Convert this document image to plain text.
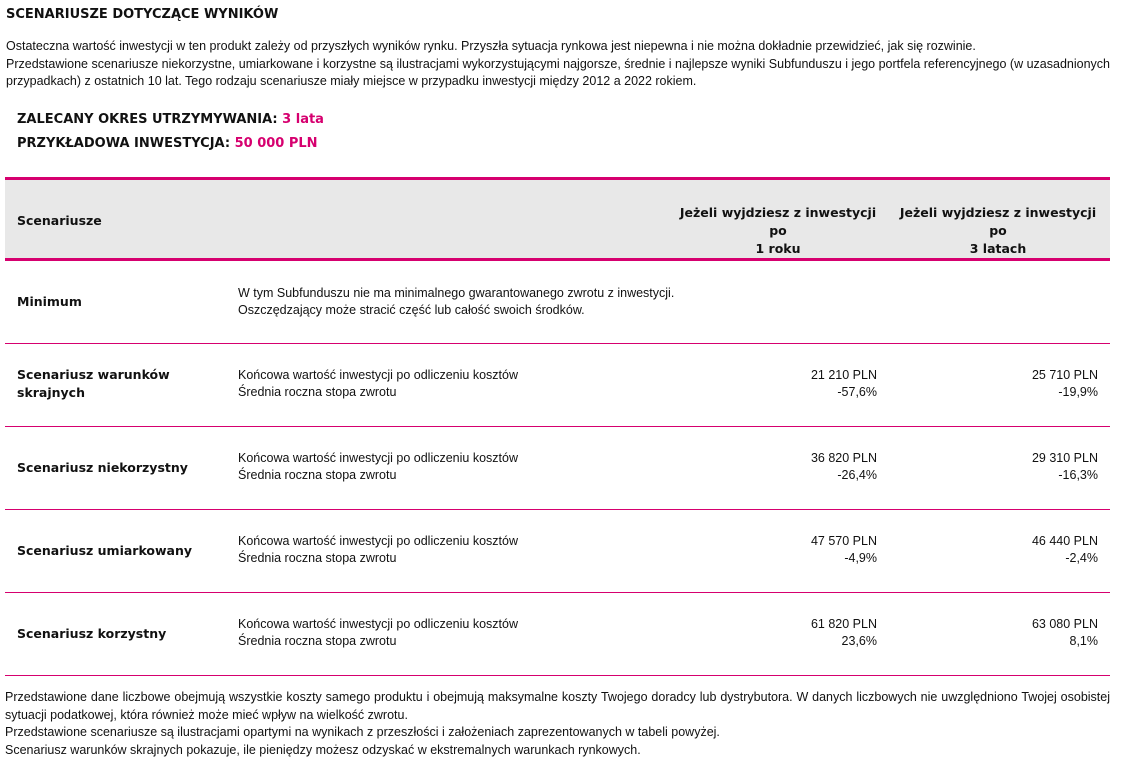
SCENARIUSZE DOTYCZĄCE WYNIKÓW

Ostateczna wartość inwestycji w ten produkt zależy od przyszłych wyników rynku. Przyszła sytuacja rynkowa jest niepewna i nie można dokładnie przewidzieć, jak się rozwinie.

Przedstawione scenariusze niekorzystne, umiarkowane i korzystne są ilustracjami wykorzystującymi najgorsze, średnie i najlepsze wyniki Subfunduszu i jego portfela referencyjnego (w uzasadnionych przypadkach) z ostatnich 10 lat. Tego rodzaju scenariusze miały miejsce w przypadku inwestycji między 2012 a 2022 rokiem.

ZALECANY OKRES UTRZYMYWANIA: 3 lata
PRZYKŁADOWA INWESTYCJA: 50 000 PLN
Scenariusze
Jeżeli wyjdziesz z inwestycji po
1 roku
Jeżeli wyjdziesz z inwestycji po
3 latach
Minimum
W tym Subfunduszu nie ma minimalnego gwarantowanego zwrotu z inwestycji.
Oszczędzający może stracić część lub całość swoich środków.
Scenariusz warunków
skrajnych
Końcowa wartość inwestycji po odliczeniu kosztów
Średnia roczna stopa zwrotu
21 210 PLN
-57,6%
25 710 PLN
-19,9%
Scenariusz niekorzystny
Końcowa wartość inwestycji po odliczeniu kosztów
Średnia roczna stopa zwrotu
36 820 PLN
-26,4%
29 310 PLN
-16,3%
Scenariusz umiarkowany
Końcowa wartość inwestycji po odliczeniu kosztów
Średnia roczna stopa zwrotu
47 570 PLN
-4,9%
46 440 PLN
-2,4%
Scenariusz korzystny
Końcowa wartość inwestycji po odliczeniu kosztów
Średnia roczna stopa zwrotu
61 820 PLN
23,6%
63 080 PLN
8,1%

Przedstawione dane liczbowe obejmują wszystkie koszty samego produktu i obejmują maksymalne koszty Twojego doradcy lub dystrybutora. W danych liczbowych nie uwzględniono Twojej osobistej sytuacji podatkowej, która również może mieć wpływ na wielkość zwrotu.

Przedstawione scenariusze są ilustracjami opartymi na wynikach z przeszłości i założeniach zaprezentowanych w tabeli powyżej.

Scenariusz warunków skrajnych pokazuje, ile pieniędzy możesz odzyskać w ekstremalnych warunkach rynkowych.
